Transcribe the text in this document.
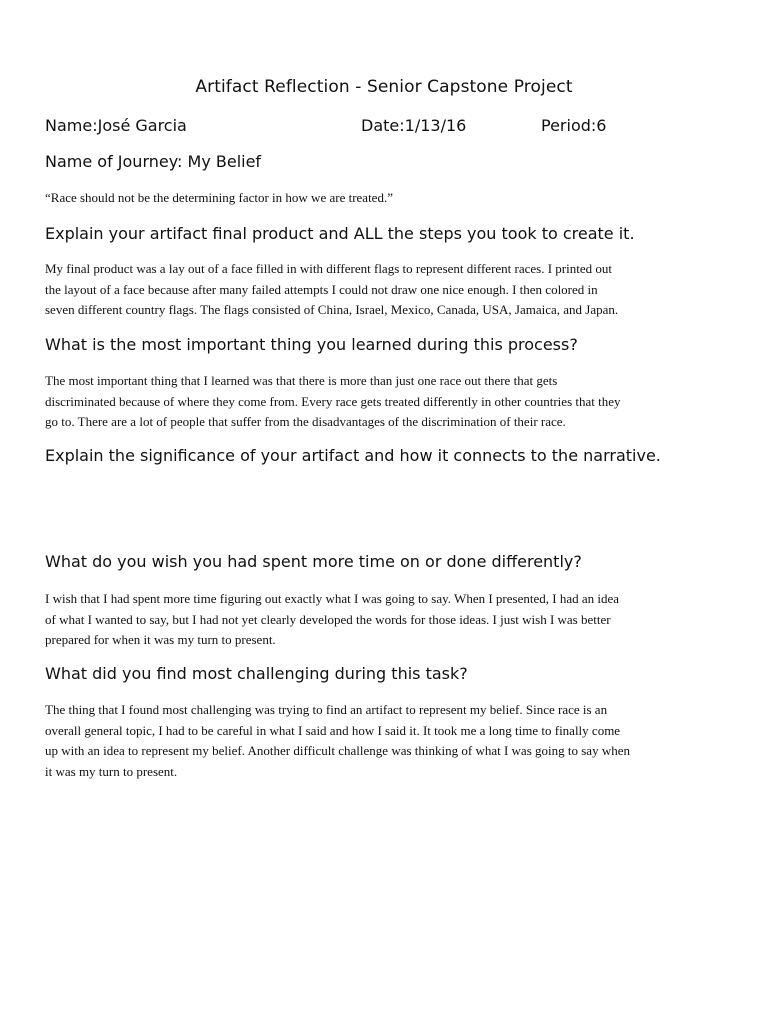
Artifact Reflection - Senior Capstone Project
Name:José Garcia	Date:1/13/16	Period:6
Name of Journey: My Belief
“Race should not be the determining factor in how we are treated.”
Explain your artifact final product and ALL the steps you took to create it.
My final product was a lay out of a face filled in with different flags to represent different races. I printed out
the layout of a face because after many failed attempts I could not draw one nice enough. I then colored in
seven different country flags. The flags consisted of China, Israel, Mexico, Canada, USA, Jamaica, and Japan.
What is the most important thing you learned during this process?
The most important thing that I learned was that there is more than just one race out there that gets
discriminated because of where they come from. Every race gets treated differently in other countries that they
go to. There are a lot of people that suffer from the disadvantages of the discrimination of their race.
Explain the significance of your artifact and how it connects to the narrative.
What do you wish you had spent more time on or done differently?
I wish that I had spent more time figuring out exactly what I was going to say. When I presented, I had an idea
of what I wanted to say, but I had not yet clearly developed the words for those ideas. I just wish I was better
prepared for when it was my turn to present.
What did you find most challenging during this task?
The thing that I found most challenging was trying to find an artifact to represent my belief. Since race is an
overall general topic, I had to be careful in what I said and how I said it. It took me a long time to finally come
up with an idea to represent my belief. Another difficult challenge was thinking of what I was going to say when
it was my turn to present.
